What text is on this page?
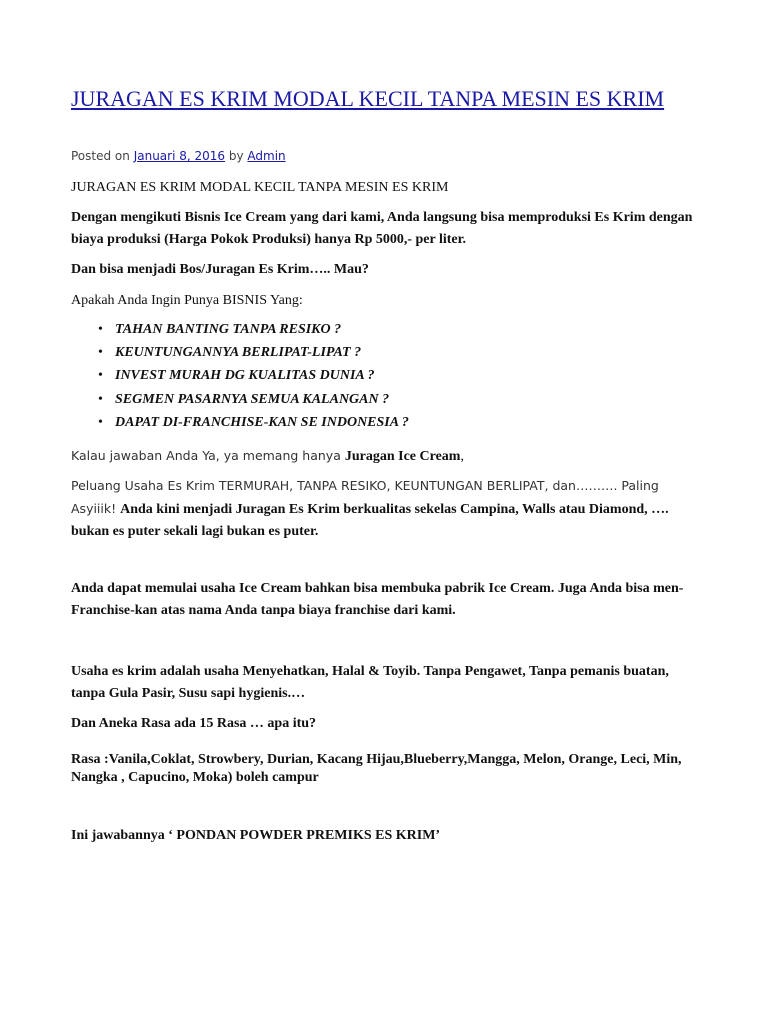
JURAGAN ES KRIM MODAL KECIL TANPA MESIN ES KRIM
Posted on Januari 8, 2016 by Admin

JURAGAN ES KRIM MODAL KECIL TANPA MESIN ES KRIM

Dengan mengikuti Bisnis Ice Cream yang dari kami, Anda langsung bisa memproduksi Es Krim dengan biaya produksi (Harga Pokok Produksi) hanya Rp 5000,- per liter.

Dan bisa menjadi Bos/Juragan Es Krim….. Mau?

Apakah Anda Ingin Punya BISNIS Yang:

• TAHAN BANTING TANPA RESIKO ?
• KEUNTUNGANNYA BERLIPAT-LIPAT ?
• INVEST MURAH DG KUALITAS DUNIA ?
• SEGMEN PASARNYA SEMUA KALANGAN ?
• DAPAT DI-FRANCHISE-KAN SE INDONESIA ?

Kalau jawaban Anda Ya, ya memang hanya Juragan Ice Cream,

Peluang Usaha Es Krim TERMURAH, TANPA RESIKO, KEUNTUNGAN BERLIPAT, dan………. Paling Asyiiik! Anda kini menjadi Juragan Es Krim berkualitas sekelas Campina, Walls atau Diamond, …. bukan es puter sekali lagi bukan es puter.

Anda dapat memulai usaha Ice Cream bahkan bisa membuka pabrik Ice Cream. Juga Anda bisa men-Franchise-kan atas nama Anda tanpa biaya franchise dari kami.

Usaha es krim adalah usaha Menyehatkan, Halal & Toyib. Tanpa Pengawet, Tanpa pemanis buatan, tanpa Gula Pasir, Susu sapi hygienis.…

Dan Aneka Rasa ada 15 Rasa … apa itu?

Rasa :Vanila,Coklat, Strowbery, Durian, Kacang Hijau,Blueberry,Mangga, Melon, Orange, Leci, Min, Nangka , Capucino, Moka) boleh campur

Ini jawabannya ‘ PONDAN POWDER PREMIKS ES KRIM’
